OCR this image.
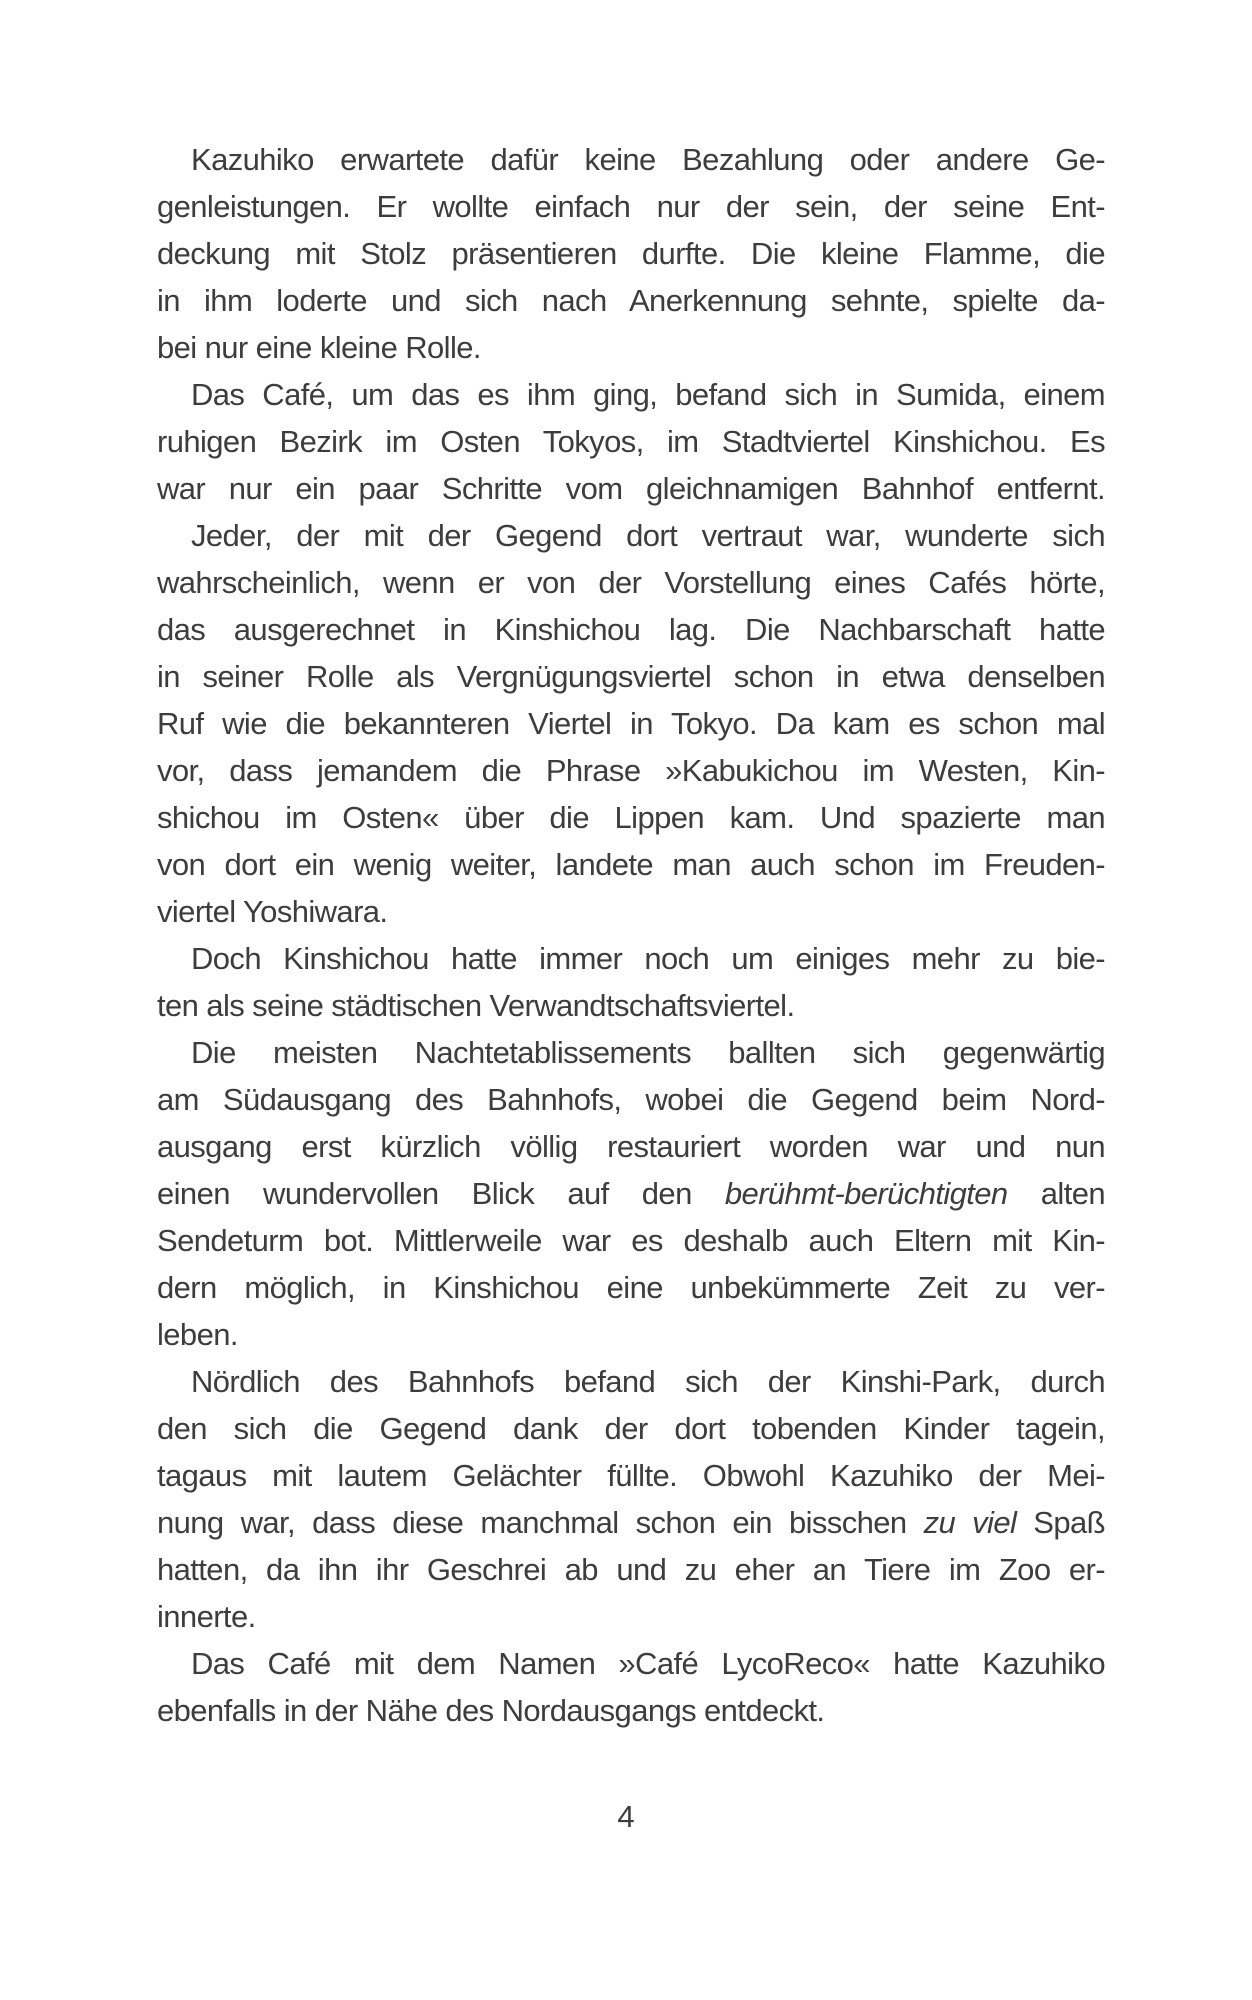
Kazuhiko erwartete dafür keine Bezahlung oder andere Ge-
genleistungen. Er wollte einfach nur der sein, der seine Ent-
deckung mit Stolz präsentieren durfte. Die kleine Flamme, die
in ihm loderte und sich nach Anerkennung sehnte, spielte da-
bei nur eine kleine Rolle.
Das Café, um das es ihm ging, befand sich in Sumida, einem
ruhigen Bezirk im Osten Tokyos, im Stadtviertel Kinshichou. Es
war nur ein paar Schritte vom gleichnamigen Bahnhof entfernt.
Jeder, der mit der Gegend dort vertraut war, wunderte sich
wahrscheinlich, wenn er von der Vorstellung eines Cafés hörte,
das ausgerechnet in Kinshichou lag. Die Nachbarschaft hatte
in seiner Rolle als Vergnügungsviertel schon in etwa denselben
Ruf wie die bekannteren Viertel in Tokyo. Da kam es schon mal
vor, dass jemandem die Phrase »Kabukichou im Westen, Kin-
shichou im Osten« über die Lippen kam. Und spazierte man
von dort ein wenig weiter, landete man auch schon im Freuden-
viertel Yoshiwara.
Doch Kinshichou hatte immer noch um einiges mehr zu bie-
ten als seine städtischen Verwandtschaftsviertel.
Die meisten Nachtetablissements ballten sich gegenwärtig
am Südausgang des Bahnhofs, wobei die Gegend beim Nord-
ausgang erst kürzlich völlig restauriert worden war und nun
einen wundervollen Blick auf den berühmt-berüchtigten alten
Sendeturm bot. Mittlerweile war es deshalb auch Eltern mit Kin-
dern möglich, in Kinshichou eine unbekümmerte Zeit zu ver-
leben.
Nördlich des Bahnhofs befand sich der Kinshi-Park, durch
den sich die Gegend dank der dort tobenden Kinder tagein,
tagaus mit lautem Gelächter füllte. Obwohl Kazuhiko der Mei-
nung war, dass diese manchmal schon ein bisschen zu viel Spaß
hatten, da ihn ihr Geschrei ab und zu eher an Tiere im Zoo er-
innerte.
Das Café mit dem Namen »Café LycoReco« hatte Kazuhiko
ebenfalls in der Nähe des Nordausgangs entdeckt.
4
